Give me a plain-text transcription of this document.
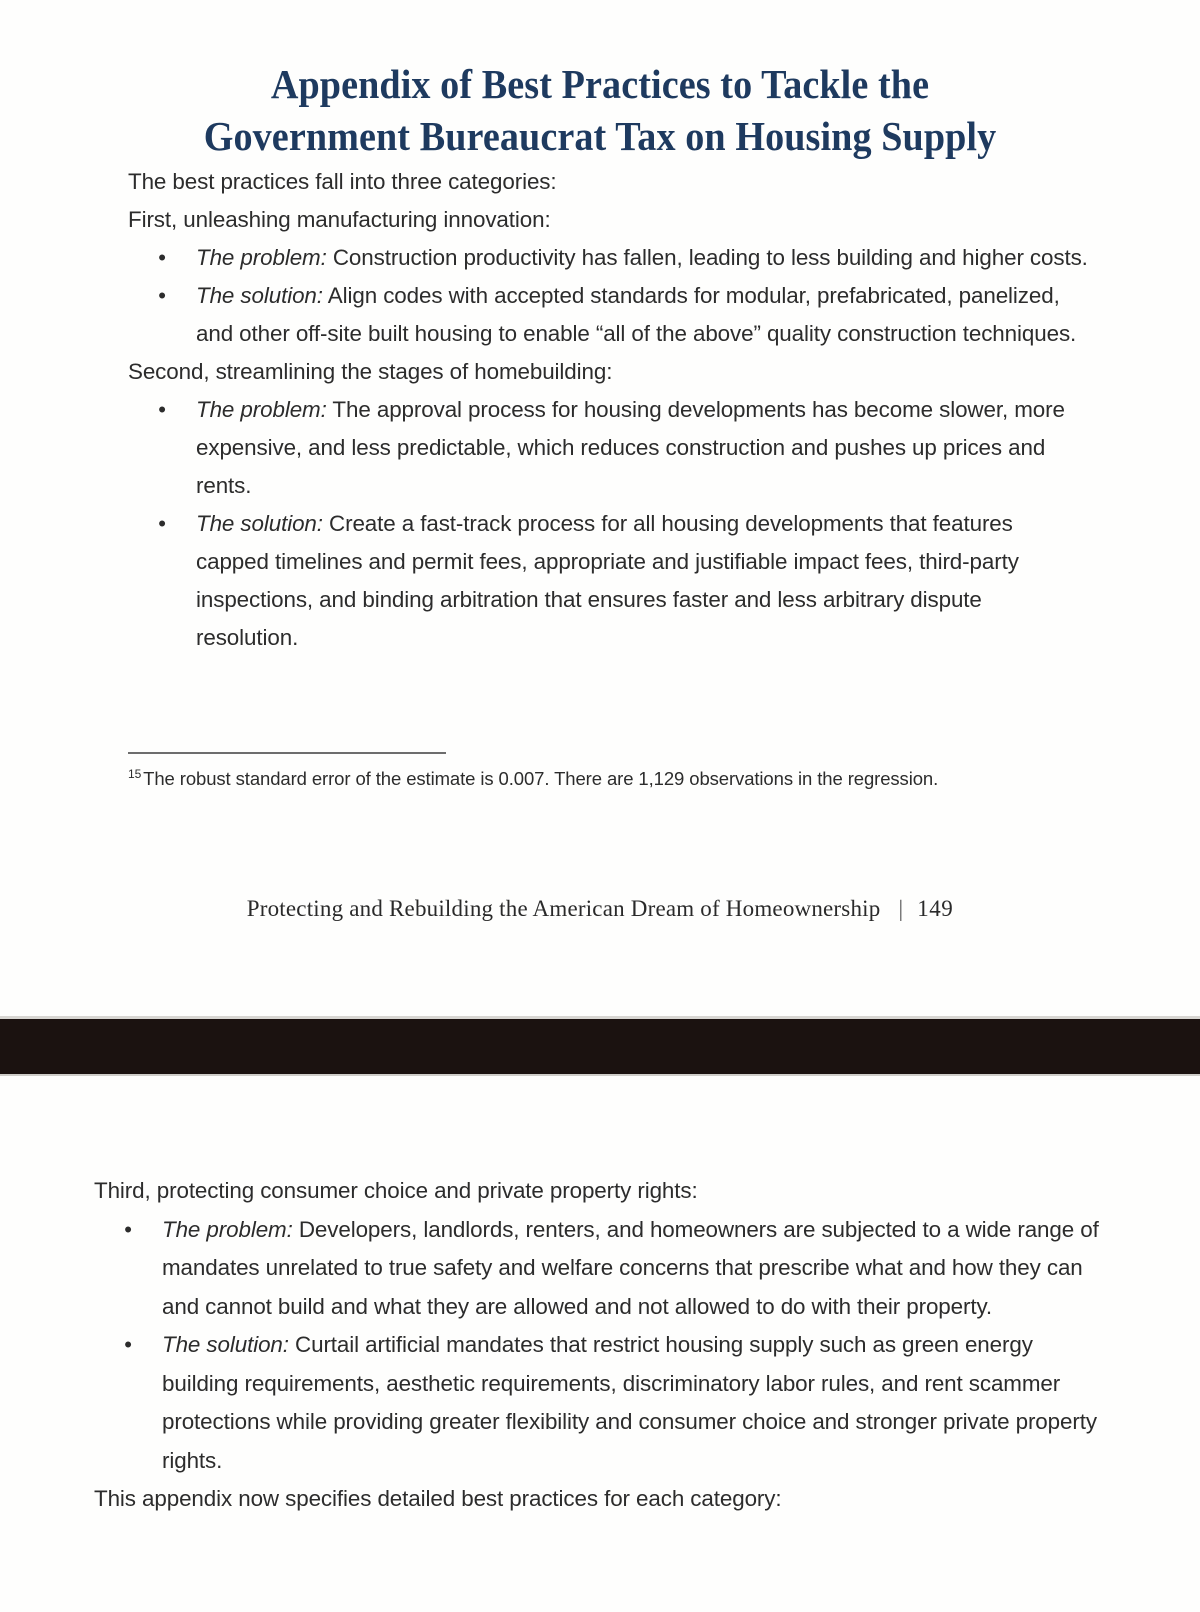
Appendix of Best Practices to Tackle the
Government Bureaucrat Tax on Housing Supply

The best practices fall into three categories:

First, unleashing manufacturing innovation:

• The problem: Construction productivity has fallen, leading to less building and higher costs.
• The solution: Align codes with accepted standards for modular, prefabricated, panelized, and other off-site built housing to enable “all of the above” quality construction techniques.

Second, streamlining the stages of homebuilding:

• The problem: The approval process for housing developments has become slower, more expensive, and less predictable, which reduces construction and pushes up prices and rents.
• The solution: Create a fast-track process for all housing developments that features capped timelines and permit fees, appropriate and justifiable impact fees, third-party inspections, and binding arbitration that ensures faster and less arbitrary dispute resolution.
$^{15}$ The robust standard error of the estimate is 0.007. There are 1,129 observations in the regression.
Protecting and Rebuilding the American Dream of Homeownership | 149

Third, protecting consumer choice and private property rights:

• The problem: Developers, landlords, renters, and homeowners are subjected to a wide range of mandates unrelated to true safety and welfare concerns that prescribe what and how they can and cannot build and what they are allowed and not allowed to do with their property.
• The solution: Curtail artificial mandates that restrict housing supply such as green energy building requirements, aesthetic requirements, discriminatory labor rules, and rent scammer protections while providing greater flexibility and consumer choice and stronger private property rights.

This appendix now specifies detailed best practices for each category:
